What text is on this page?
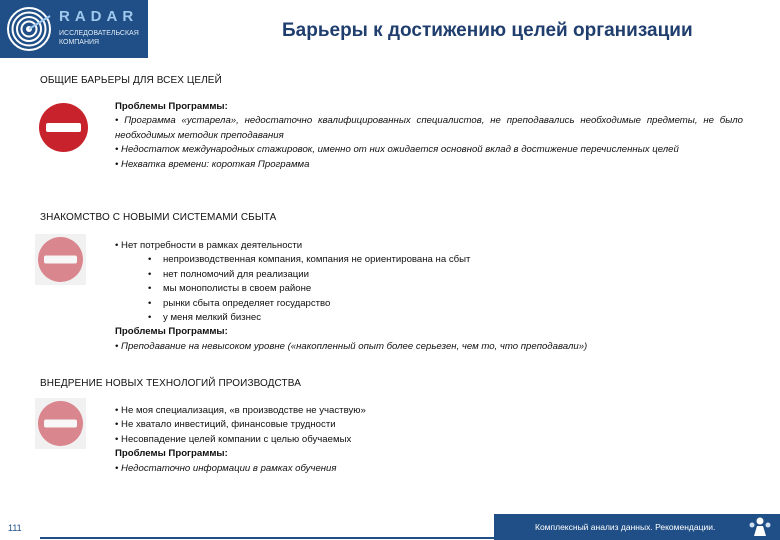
RADAR
ИССЛЕДОВАТЕЛЬСКАЯ КОМПАНИЯ
Барьеры к достижению целей организации
ОБЩИЕ БАРЬЕРЫ ДЛЯ ВСЕХ ЦЕЛЕЙ
Проблемы Программы:
• Программа «устарела», недостаточно квалифицированных специалистов, не преподавались необходимые предметы, не было необходимых методик преподавания
• Недостаток международных стажировок, именно от них ожидается основной вклад в достижение перечисленных целей
• Нехватка времени: короткая Программа
ЗНАКОМСТВО С НОВЫМИ СИСТЕМАМИ СБЫТА
• Нет потребности в рамках деятельности
• непроизводственная компания, компания не ориентирована на сбыт
• нет полномочий для реализации
• мы монополисты в своем районе
• рынки сбыта определяет государство
• у меня мелкий бизнес
Проблемы Программы:
• Преподавание на невысоком уровне («накопленный опыт более серьезен, чем то, что преподавали»)
ВНЕДРЕНИЕ НОВЫХ ТЕХНОЛОГИЙ ПРОИЗВОДСТВА
• Не моя специализация, «в производстве не участвую»
• Не хватало инвестиций, финансовые трудности
• Несовпадение целей компании с целью обучаемых
Проблемы Программы:
• Недостаточно информации в рамках обучения
111	Комплексный анализ данных. Рекомендации.
